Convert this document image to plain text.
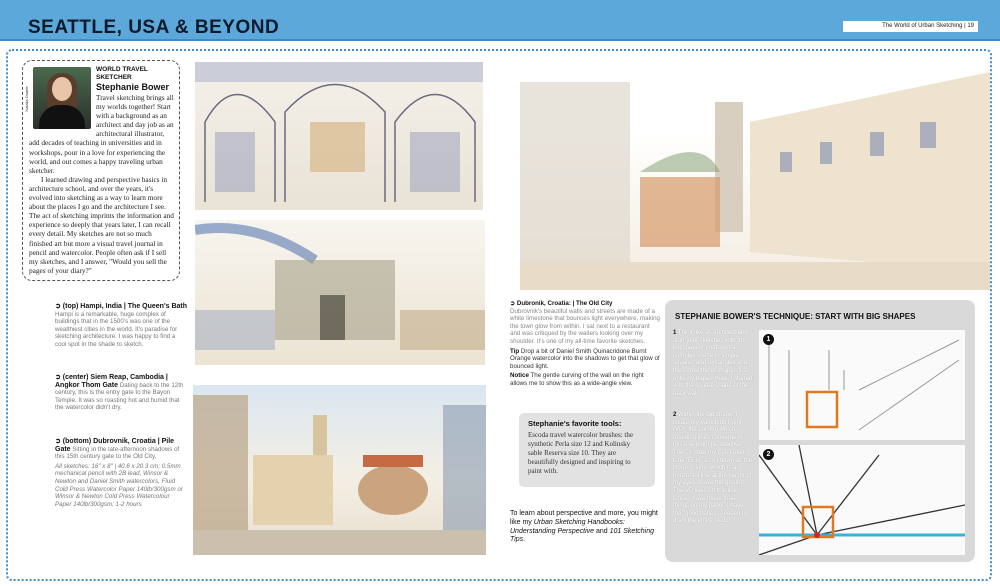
SEATTLE, USA & BEYOND	The World of Urban Sketching | 19
Natalia Duarte
WORLD TRAVEL SKETCHER
Stephanie Bower

Travel sketching brings all my worlds together! Start with a background as an architect and day job as an architectural illustrator, add decades of teaching in universities and in workshops, pour in a love for experiencing the world, and out comes a happy traveling urban sketcher.

I learned drawing and perspective basics in architecture school, and over the years, it's evolved into sketching as a way to learn more about the places I go and the architecture I see. The act of sketching imprints the information and experience so deeply that years later, I can recall every detail. My sketches are not so much finished art but more a visual travel journal in pencil and watercolor. People often ask if I sell my sketches, and I answer, "Would you sell the pages of your diary?"

➲ (top) Hampi, India | The Queen's Bath Hampi is a remarkable, huge complex of buildings that in the 1500's was one of the wealthiest cities in the world. It's paradise for sketching architecture. I was happy to find a cool spot in the shade to sketch.
➲ (center) Siem Reap, Cambodia | Angkor Thom Gate Dating back to the 12th century, this is the entry gate to the Bayon Temple. It was so roasting hot and humid that the watercolor didn't dry.
➲ (bottom) Dubrovnik, Croatia | Pile Gate Sitting in the late-afternoon shadows of this 15th century gate to the Old City.
All sketches: 16" x 8" | 40.6 x 20.3 cm; 0.5mm mechanical pencil with 2B lead, Winsor & Newton and Daniel Smith watercolors, Fluid Cold Press Watercolor Paper 140lb/300gsm or Winsor & Newton Cold Press Watercolour Paper 140lb/300gsm; 1-2 hours
➲ Dubronik, Croatia: | The Old City
Dubrovnik's beautiful walls and streets are made of a white limestone that bounces light everywhere, making the town glow from within. I sat next to a restaurant and was critiqued by the waiters looking over my shoulder. It's one of my all-time favorite sketches.
Tip Drop a bit of Daniel Smith Quinacridone Burnt Orange watercolor into the shadows to get that glow of bounced light.
Notice The gentle curving of the wall on the right allows me to show this as a wide-angle view.
Stephanie's favorite tools:
Escoda travel watercolor brushes: the synthetic Perla size 12 and Kolinsky sable Reserva size 10. They are beautifully designed and inspiring to paint with.
To learn about perspective and more, you might like my Urban Sketching Handbooks: Understanding Perspective and 101 Sketching Tips.
STEPHANIE BOWER'S TECHNIQUE: START WITH BIG SHAPES
1 Think like an architect and start your sketches with the big shapes! I reduce the complex scene to simple squares and rectangles and then draw those shapes first onto my paper. Here, I started with the square shape of the back wall.
2 Within the big shape, I locate my Vanishing Point (VP), the point to which receding lines converge in this one-point perspective. Then, I draw my Eye Level Line (ELL), also known as the Horizon Line, which is a horizontal line at the height of my eyes above the ground. The VP lives on this line. Once I have those three things on my paper, I have the "good bones" needed to draw the entire sketch.
1
2
